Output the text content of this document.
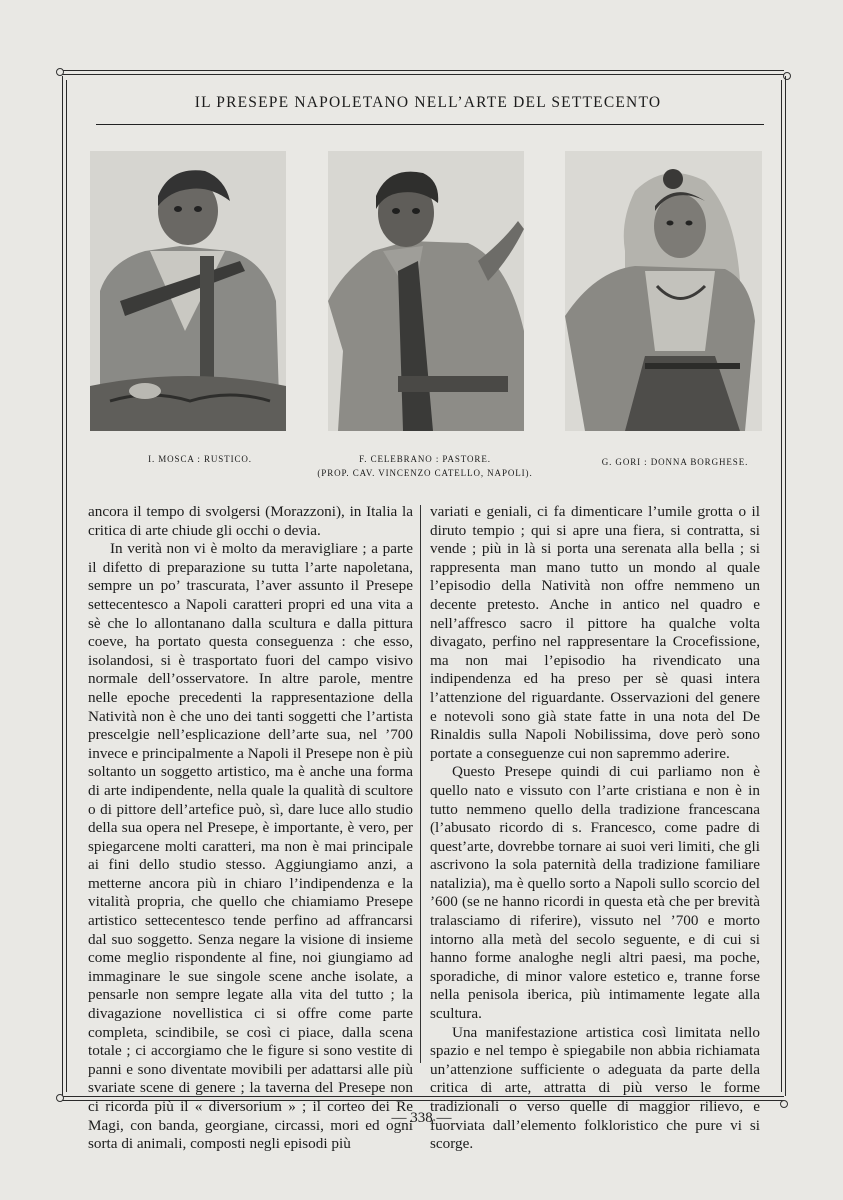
IL PRESEPE NAPOLETANO NELL’ARTE DEL SETTECENTO
I. MOSCA : RUSTICO.	F. CELEBRANO : PASTORE.
(PROP. CAV. VINCENZO CATELLO, NAPOLI).
G. GORI : DONNA BORGHESE.

ancora il tempo di svolgersi (Morazzoni), in Italia la critica di arte chiude gli occhi o devia.

In verità non vi è molto da meravigliare ; a parte il difetto di preparazione su tutta l’arte napoletana, sempre un po’ trascurata, l’aver assunto il Presepe settecentesco a Napoli caratteri propri ed una vita a sè che lo allontanano dalla scultura e dalla pittura coeve, ha portato questa conseguenza : che esso, isolandosi, si è trasportato fuori del campo visivo normale dell’osservatore. In altre parole, mentre nelle epoche precedenti la rappresentazione della Natività non è che uno dei tanti soggetti che l’artista prescelgie nell’esplicazione dell’arte sua, nel ’700 invece e principalmente a Napoli il Presepe non è più soltanto un soggetto artistico, ma è anche una forma di arte indipendente, nella quale la qualità di scultore o di pittore dell’artefice può, sì, dare luce allo studio della sua opera nel Presepe, è importante, è vero, per spiegarcene molti caratteri, ma non è mai principale ai fini dello studio stesso. Aggiungiamo anzi, a metterne ancora più in chiaro l’indipendenza e la vitalità propria, che quello che chiamiamo Presepe artistico settecentesco tende perfino ad affrancarsi dal suo soggetto. Senza negare la visione di insieme come meglio rispondente al fine, noi giungiamo ad immaginare le sue singole scene anche isolate, a pensarle non sempre legate alla vita del tutto ; la divagazione novellistica ci si offre come parte completa, scindibile, se così ci piace, dalla scena totale ; ci accorgiamo che le figure si sono vestite di panni e sono diventate movibili per adattarsi alle più svariate scene di genere ; la taverna del Presepe non ci ricorda più il « diversorium » ; il corteo dei Re Magi, con banda, georgiane, circassi, mori ed ogni sorta di animali, composti negli episodi più

variati e geniali, ci fa dimenticare l’umile grotta o il diruto tempio ; qui si apre una fiera, si contratta, si vende ; più in là si porta una serenata alla bella ; si rappresenta man mano tutto un mondo al quale l’episodio della Natività non offre nemmeno un decente pretesto. Anche in antico nel quadro e nell’affresco sacro il pittore ha qualche volta divagato, perfino nel rappresentare la Crocefissione, ma non mai l’episodio ha rivendicato una indipendenza ed ha preso per sè quasi intera l’attenzione del riguardante. Osservazioni del genere e notevoli sono già state fatte in una nota del De Rinaldis sulla Napoli Nobilissima, dove però sono portate a conseguenze cui non sapremmo aderire.

Questo Presepe quindi di cui parliamo non è quello nato e vissuto con l’arte cristiana e non è in tutto nemmeno quello della tradizione francescana (l’abusato ricordo di s. Francesco, come padre di quest’arte, dovrebbe tornare ai suoi veri limiti, che gli ascrivono la sola paternità della tradizione familiare natalizia), ma è quello sorto a Napoli sullo scorcio del ’600 (se ne hanno ricordi in questa età che per brevità tralasciamo di riferire), vissuto nel ’700 e morto intorno alla metà del secolo seguente, e di cui si hanno forme analoghe negli altri paesi, ma poche, sporadiche, di minor valore estetico e, tranne forse nella penisola iberica, più intimamente legate alla scultura.

Una manifestazione artistica così limitata nello spazio e nel tempo è spiegabile non abbia richiamata un’attenzione sufficiente o adeguata da parte della critica di arte, attratta di più verso le forme tradizionali o verso quelle di maggior rilievo, e fuorviata dall’elemento folkloristico che pure vi si scorge.

— 338 —
